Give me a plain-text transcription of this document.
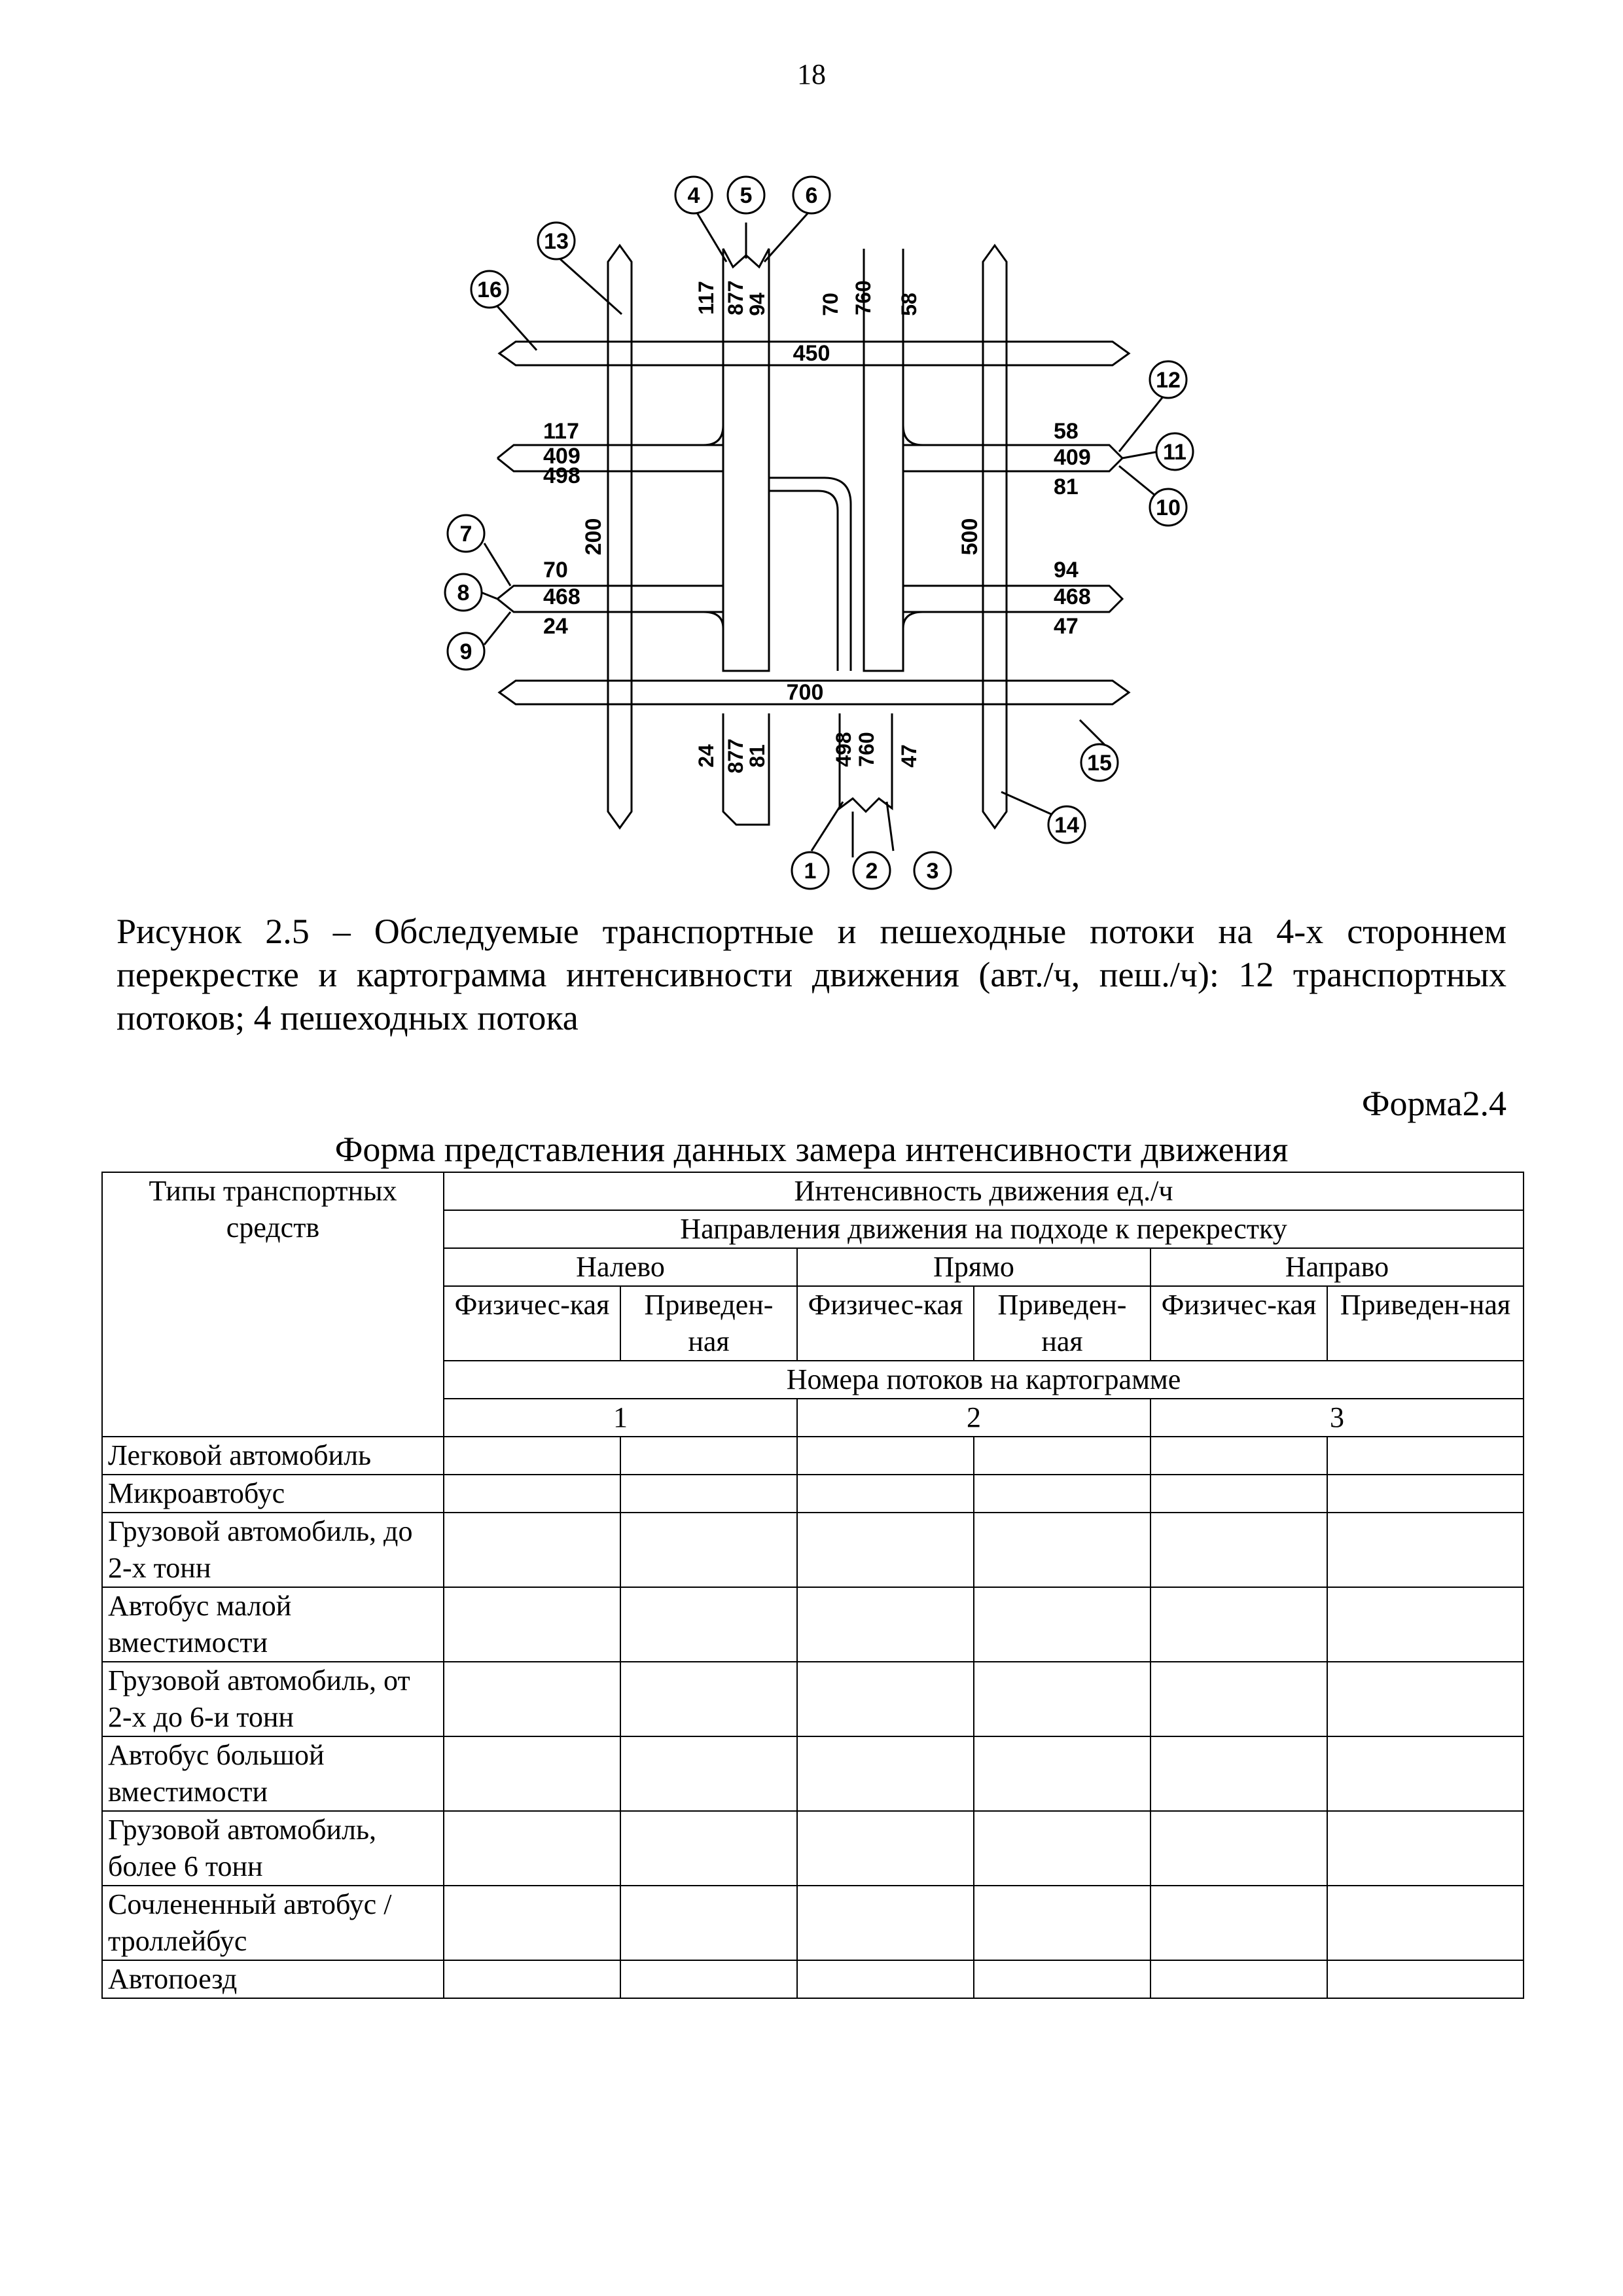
18
4 5 6
13
16
12
11
10
7
8
9
15
14
1 2 3
450
700
200	500
117 877
94 70 760 58
24 877
81	498 760 47
117
409
498
70
468
24
58
409
81
94
468
47
Рисунок 2.5 – Обследуемые транспортные и пешеходные потоки на 4-х стороннем перекрестке и картограмма интенсивности движения (авт./ч, пеш./ч): 12 транспортных потоков; 4 пешеходных потока
Форма2.4
Форма представления данных замера интенсивности движения
Типы транспортных средств	Интенсивность движения ед./ч					
	Направления движения на подходе к перекрестку					
	Налево		Прямо		Направо	
	Физичес-кая	Приведен-ная	Физичес-кая	Приведен-ная	Физичес-кая	Приведен-ная
	Номера потоков на картограмме					
	1		2		3	
Легковой автомобиль						
Микроавтобус						
Грузовой автомобиль, до 2-х тонн						
Автобус малой вместимости						
Грузовой автомобиль, от 2-х до 6-и тонн						
Автобус большой вместимости						
Грузовой автомобиль, более 6 тонн						
Сочлененный автобус / троллейбус						
Автопоезд						
